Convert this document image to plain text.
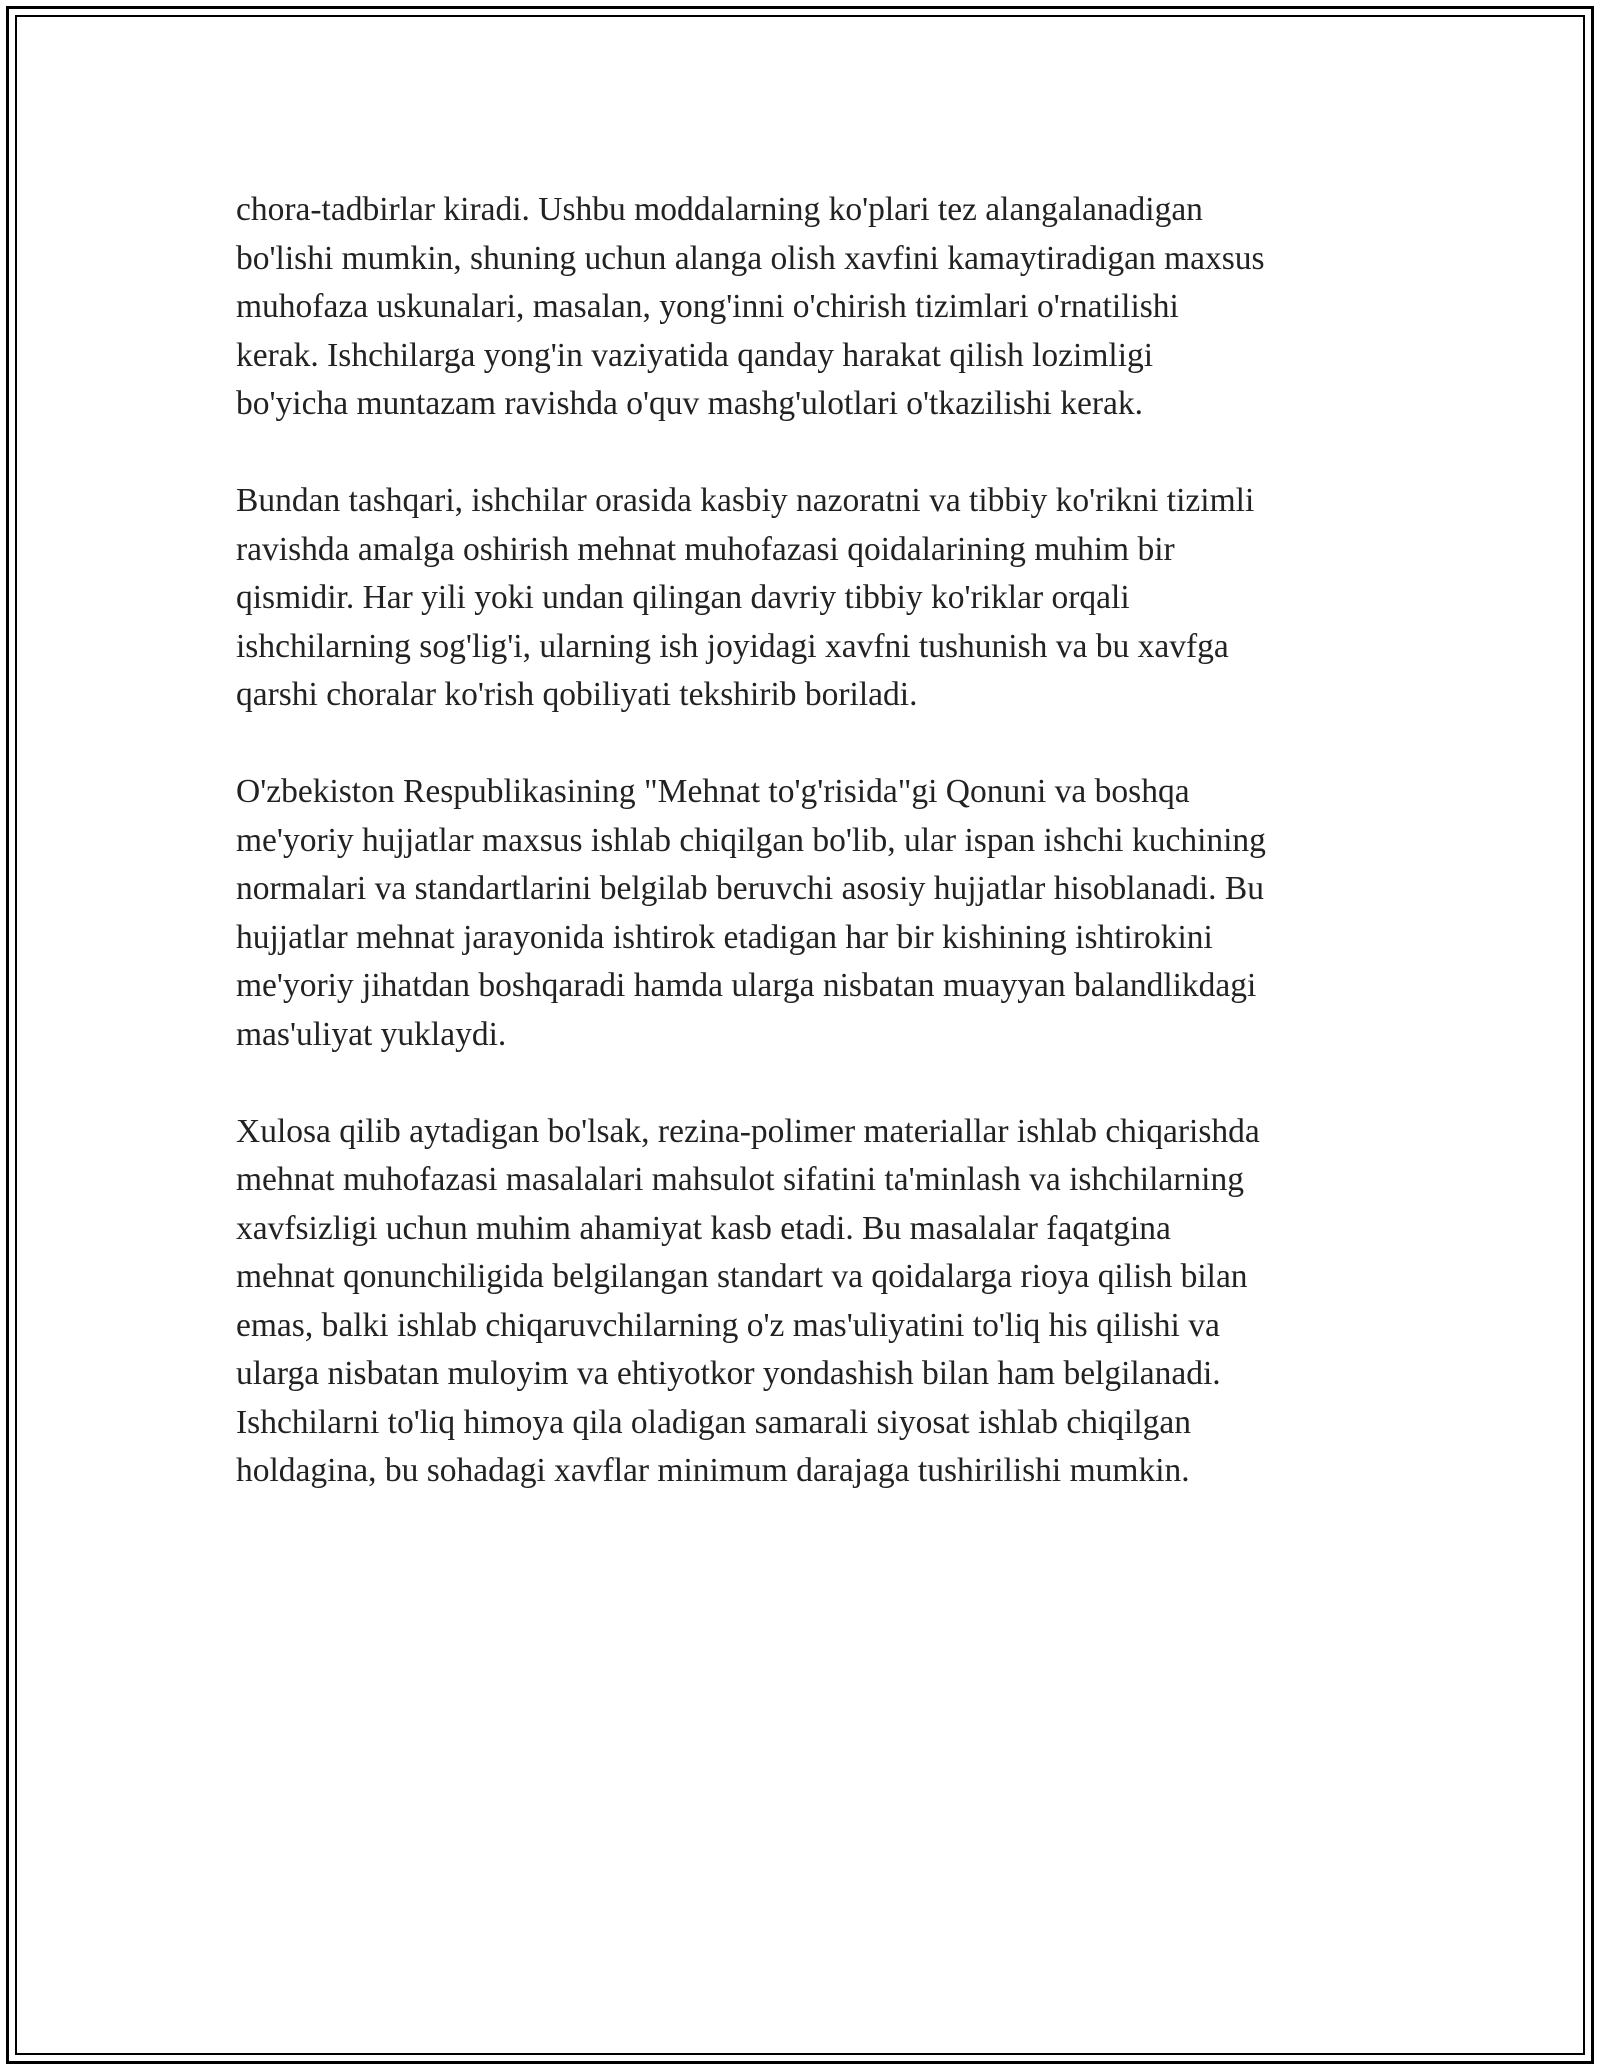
chora-tadbirlar kiradi. Ushbu moddalarning ko'plari tez alangalanadigan
bo'lishi mumkin, shuning uchun alanga olish xavfini kamaytiradigan maxsus
muhofaza uskunalari, masalan, yong'inni o'chirish tizimlari o'rnatilishi
kerak. Ishchilarga yong'in vaziyatida qanday harakat qilish lozimligi
bo'yicha muntazam ravishda o'quv mashg'ulotlari o'tkazilishi kerak.

Bundan tashqari, ishchilar orasida kasbiy nazoratni va tibbiy ko'rikni tizimli
ravishda amalga oshirish mehnat muhofazasi qoidalarining muhim bir
qismidir. Har yili yoki undan qilingan davriy tibbiy ko'riklar orqali
ishchilarning sog'lig'i, ularning ish joyidagi xavfni tushunish va bu xavfga
qarshi choralar ko'rish qobiliyati tekshirib boriladi.

O'zbekiston Respublikasining "Mehnat to'g'risida"gi Qonuni va boshqa
me'yoriy hujjatlar maxsus ishlab chiqilgan bo'lib, ular ispan ishchi kuchining
normalari va standartlarini belgilab beruvchi asosiy hujjatlar hisoblanadi. Bu
hujjatlar mehnat jarayonida ishtirok etadigan har bir kishining ishtirokini
me'yoriy jihatdan boshqaradi hamda ularga nisbatan muayyan balandlikdagi
mas'uliyat yuklaydi.

Xulosa qilib aytadigan bo'lsak, rezina-polimer materiallar ishlab chiqarishda
mehnat muhofazasi masalalari mahsulot sifatini ta'minlash va ishchilarning
xavfsizligi uchun muhim ahamiyat kasb etadi. Bu masalalar faqatgina
mehnat qonunchiligida belgilangan standart va qoidalarga rioya qilish bilan
emas, balki ishlab chiqaruvchilarning o'z mas'uliyatini to'liq his qilishi va
ularga nisbatan muloyim va ehtiyotkor yondashish bilan ham belgilanadi.
Ishchilarni to'liq himoya qila oladigan samarali siyosat ishlab chiqilgan
holdagina, bu sohadagi xavflar minimum darajaga tushirilishi mumkin.
